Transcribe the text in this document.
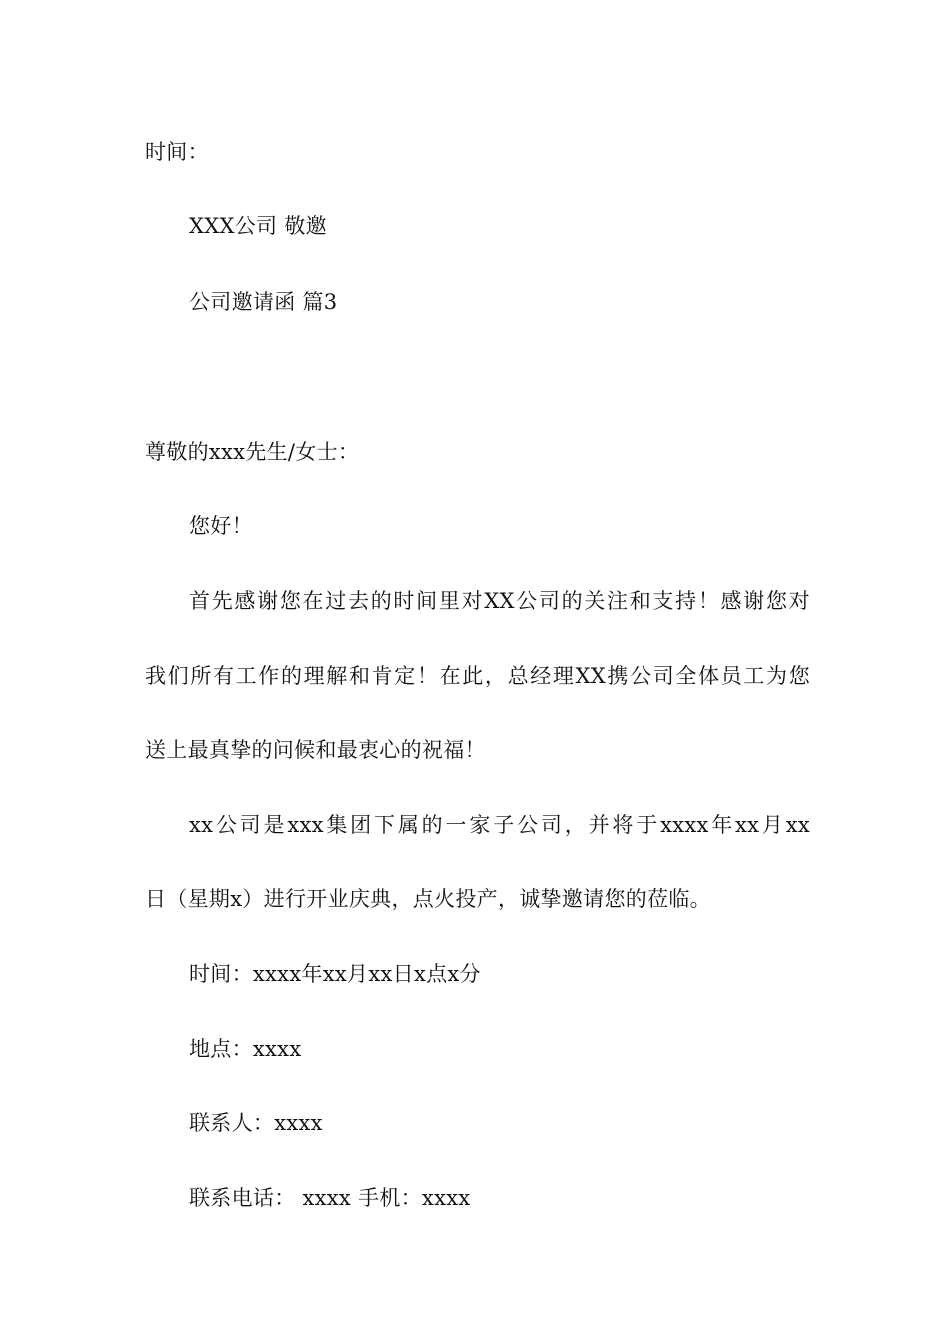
时间：
XXX公司 敬邀
公司邀请函 篇3
尊敬的xxx先生/女士：
您好！
首先感谢您在过去的时间里对XX公司的关注和支持！感谢您对
我们所有工作的理解和肯定！在此，总经理XX携公司全体员工为您
送上最真挚的问候和最衷心的祝福！
xx公司是xxx集团下属的一家子公司，并将于xxxx年xx月xx
日（星期x）进行开业庆典，点火投产，诚挚邀请您的莅临。
时间：xxxx年xx月xx日x点x分
地点：xxxx
联系人：xxxx
联系电话： xxxx 手机：xxxx
